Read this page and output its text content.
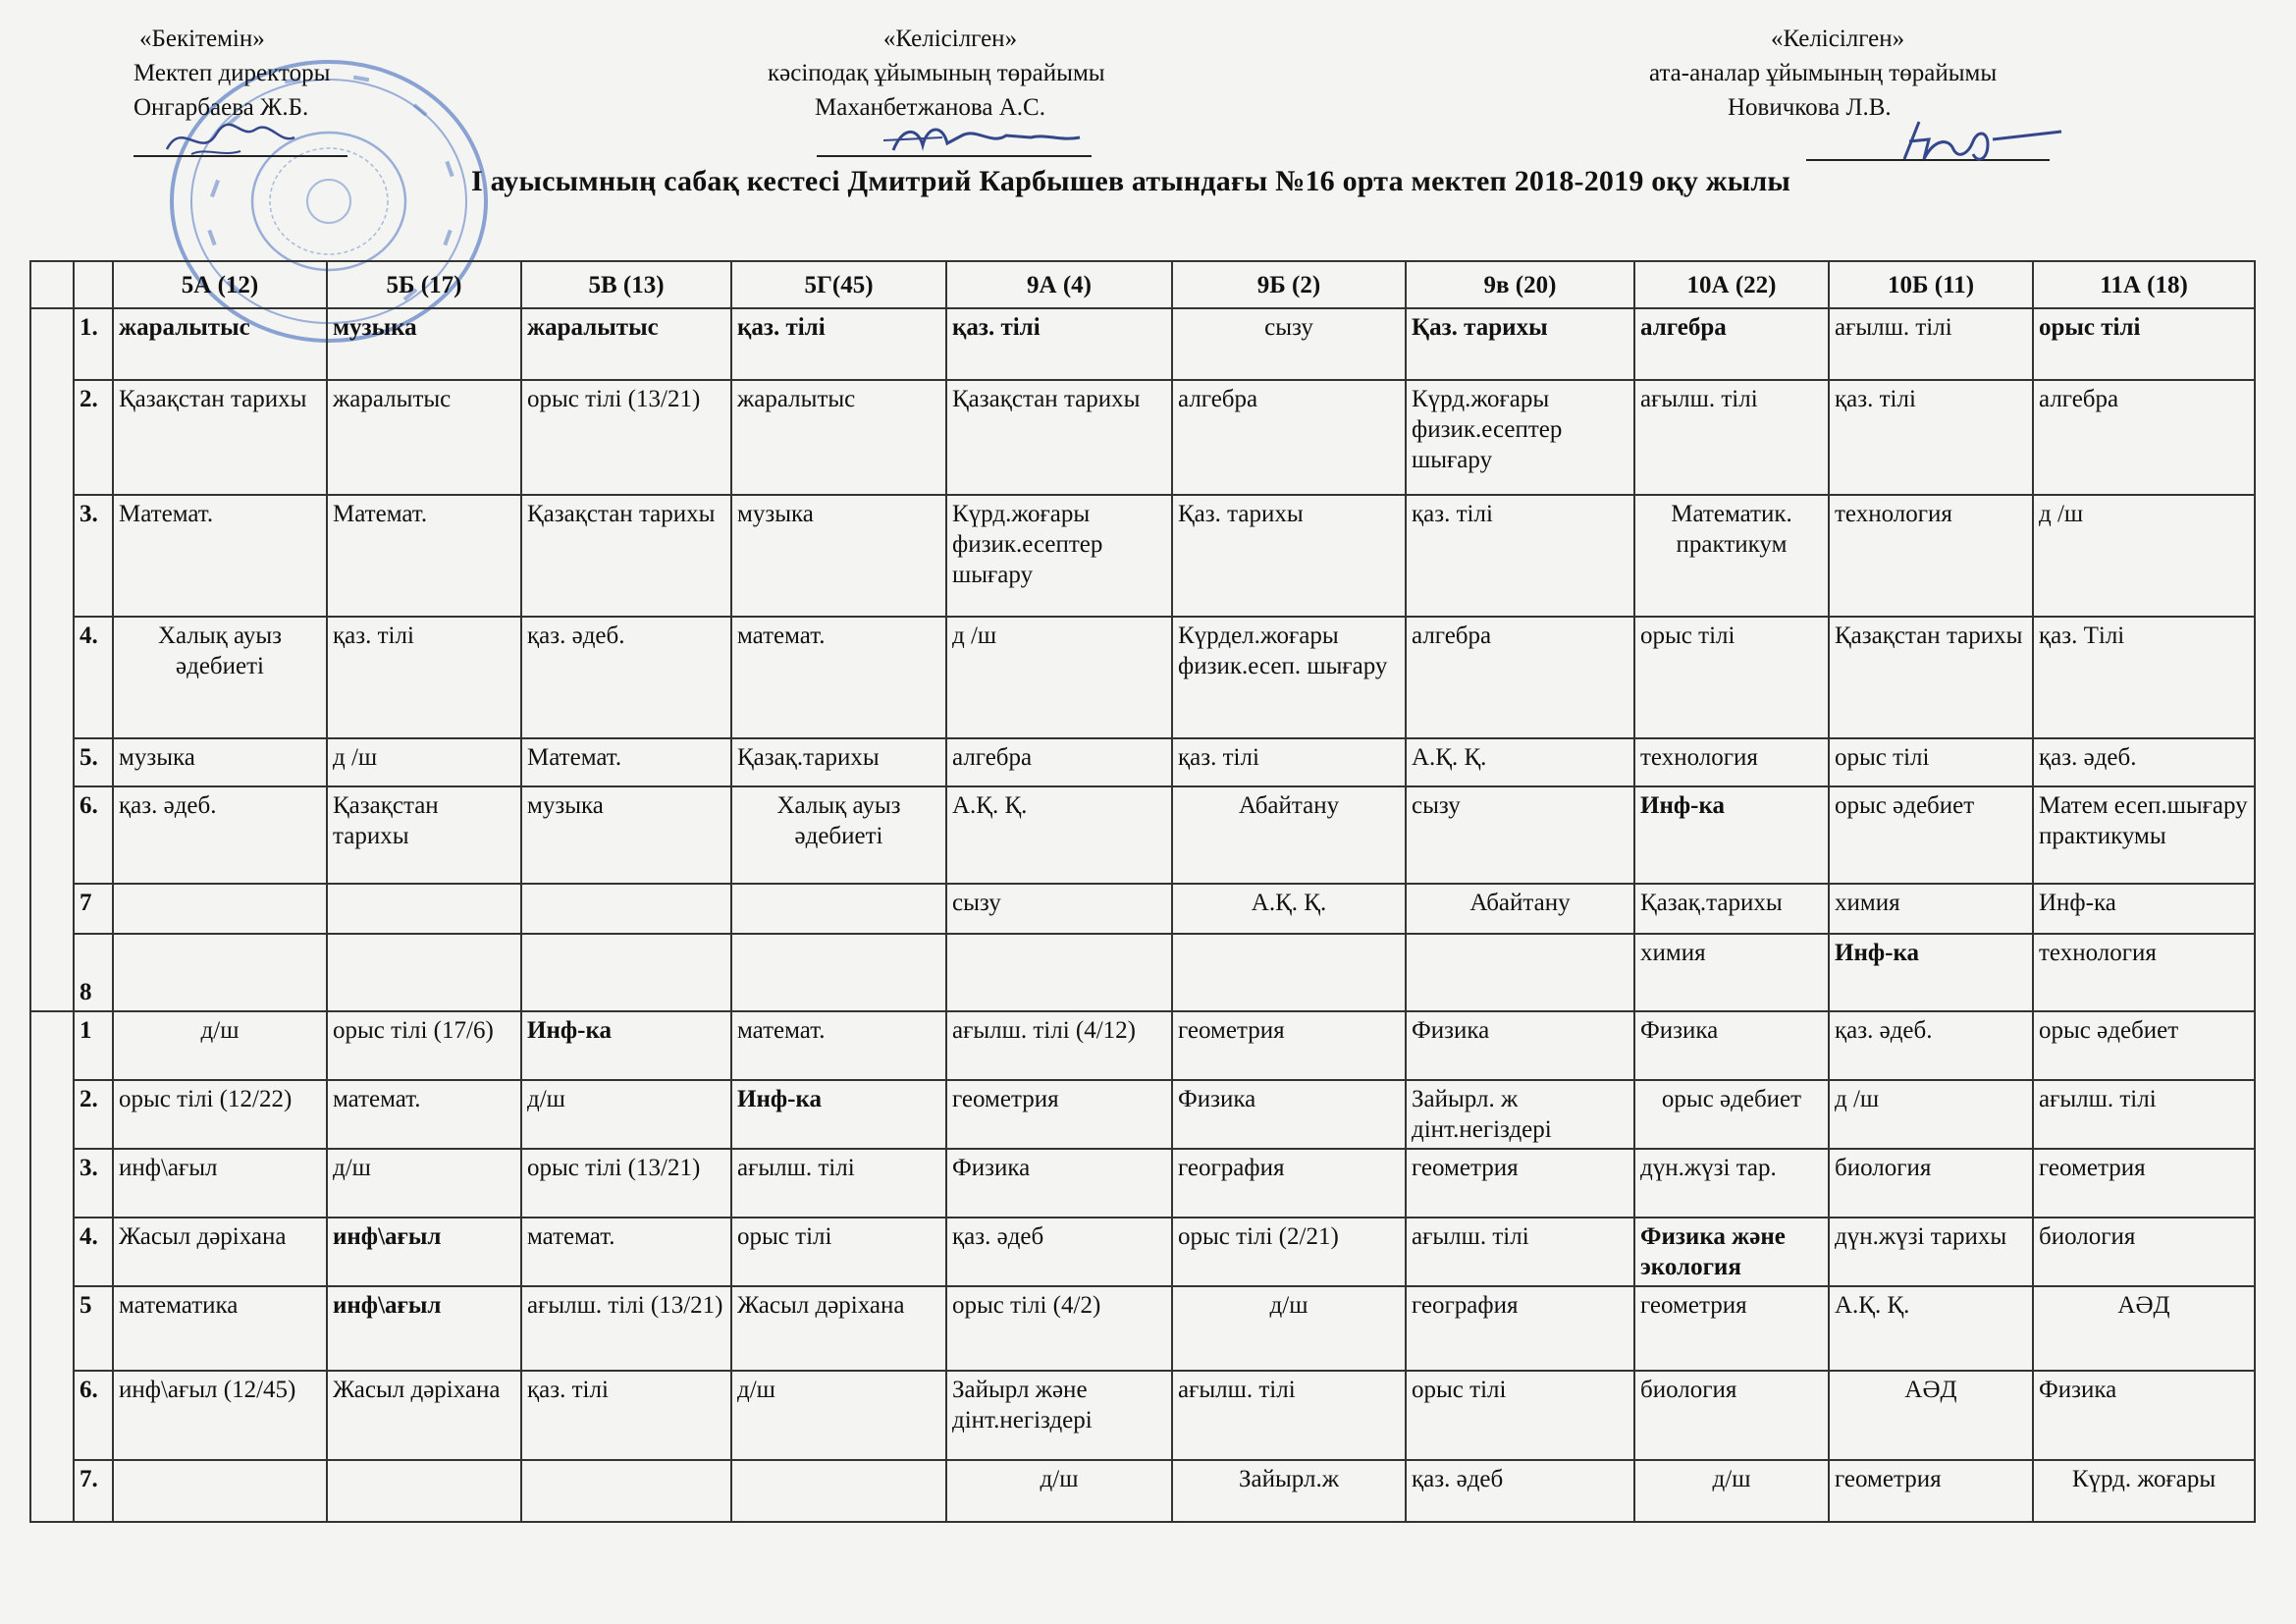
«Бекітемін»
Мектеп директоры
Онгарбаева Ж.Б.
«Келісілген»
кәсіподақ ұйымының төрайымы
Маханбетжанова А.С.
«Келісілген»
ата-аналар ұйымының төрайымы
Новичкова Л.В.
I ауысымның сабақ кестесі Дмитрий Карбышев атындағы №16 орта мектеп 2018-2019 оқу жылы
		5А (12)	5Б (17)	5В (13)	5Г(45)	9А (4)	9Б (2)	9в (20)	10А (22)	10Б (11)	11А (18)
	1.	жаралытыс	музыка	жаралытыс	қаз. тілі	қаз. тілі	сызу	Қаз. тарихы	алгебра	ағылш. тілі	орыс тілі
	2.	Қазақстан тарихы	жаралытыс	орыс тілі (13/21)	жаралытыс	Қазақстан тарихы	алгебра	Күрд.жоғары физик.есептер шығару	ағылш. тілі	қаз. тілі	алгебра
	3.	Математ.	Математ.	Қазақстан тарихы	музыка	Күрд.жоғары физик.есептер шығару	Қаз. тарихы	қаз. тілі	Математик. практикум	технология	д /ш
	4.	Халық ауыз әдебиеті	қаз. тілі	қаз. әдеб.	математ.	д /ш	Күрдел.жоғары физик.есеп. шығару	алгебра	орыс тілі	Қазақстан тарихы	қаз. Тілі
	5.	музыка	д /ш	Математ.	Қазақ.тарихы	алгебра	қаз. тілі	А.Қ. Қ.	технология	орыс тілі	қаз. әдеб.
	6.	қаз. әдеб.	Қазақстан тарихы	музыка	Халық ауыз әдебиеті	А.Қ. Қ.	Абайтану	сызу	Инф-ка	орыс әдебиет	Матем есеп.шығару практикумы
	7					сызу	А.Қ. Қ.	Абайтану	Қазақ.тарихы	химия	Инф-ка
	8								химия	Инф-ка	технология
	1	д/ш	орыс тілі (17/6)	Инф-ка	математ.	ағылш. тілі (4/12)	геометрия	Физика	Физика	қаз. әдеб.	орыс әдебиет
	2.	орыс тілі (12/22)	математ.	д/ш	Инф-ка	геометрия	Физика	Зайырл. ж дінт.негіздері	орыс әдебиет	д /ш	ағылш. тілі
	3.	инф\ағыл	д/ш	орыс тілі (13/21)	ағылш. тілі	Физика	география	геометрия	дүн.жүзі тар.	биология	геометрия
	4.	Жасыл дәріхана	инф\ағыл	математ.	орыс тілі	қаз. әдеб	орыс тілі (2/21)	ағылш. тілі	Физика және экология	дүн.жүзі тарихы	биология
	5	математика	инф\ағыл	ағылш. тілі (13/21)	Жасыл дәріхана	орыс тілі (4/2)	д/ш	география	геометрия	А.Қ. Қ.	АӘД
	6.	инф\ағыл (12/45)	Жасыл дәріхана	қаз. тілі	д/ш	Зайырл және дінт.негіздері	ағылш. тілі	орыс тілі	биология	АӘД	Физика
	7.					д/ш	Зайырл.ж	қаз. әдеб	д/ш	геометрия	Күрд. жоғары
